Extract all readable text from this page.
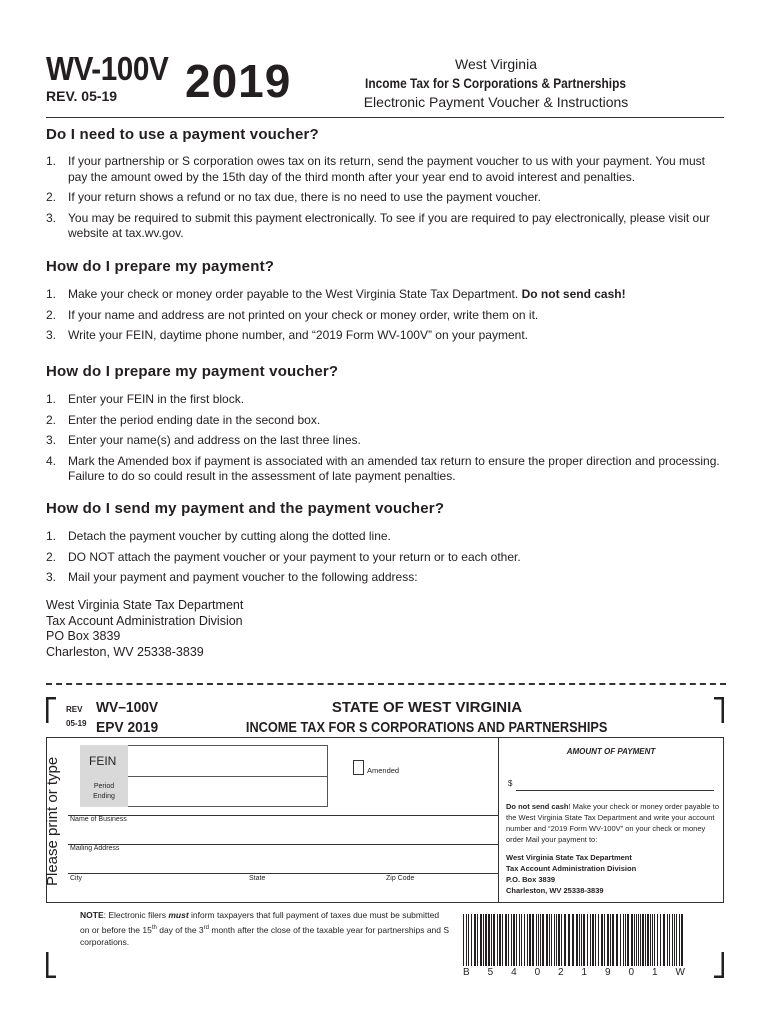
WV-100V
REV. 05-19 2019	West Virginia
Income Tax for S Corporations & Partnerships
Electronic Payment Voucher & Instructions
Do I need to use a payment voucher?
1. If your partnership or S corporation owes tax on its return, send the payment voucher to us with your payment. You must pay the amount owed by the 15th day of the third month after your year end to avoid interest and penalties.
2. If your return shows a refund or no tax due, there is no need to use the payment voucher.
3. You may be required to submit this payment electronically. To see if you are required to pay electronically, please visit our website at tax.wv.gov.
How do I prepare my payment?
1. Make your check or money order payable to the West Virginia State Tax Department. Do not send cash!
2. If your name and address are not printed on your check or money order, write them on it.
3. Write your FEIN, daytime phone number, and “2019 Form WV-100V” on your payment.
How do I prepare my payment voucher?
1. Enter your FEIN in the first block.
2. Enter the period ending date in the second box.
3. Enter your name(s) and address on the last three lines.
4. Mark the Amended box if payment is associated with an amended tax return to ensure the proper direction and processing. Failure to do so could result in the assessment of late payment penalties.
How do I send my payment and the payment voucher?
1. Detach the payment voucher by cutting along the dotted line.
2. DO NOT attach the payment voucher or your payment to your return or to each other.
3. Mail your payment and payment voucher to the following address:
West Virginia State Tax Department
Tax Account Administration Division
PO Box 3839
Charleston, WV 25338-3839
REV
05-19
WV–100V
EPV 2019
STATE OF WEST VIRGINIA
INCOME TAX FOR S CORPORATIONS AND PARTNERSHIPS
Please print or type FEIN
Period
Ending
Amended
Name of Business
Mailing Address
City	State	Zip Code
AMOUNT OF PAYMENT
$
Do not send cash! Make your check or money order payable to the West Virginia State Tax Department and write your account number and “2019 Form WV-100V” on your check or money order Mail your payment to:
West Virginia State Tax Department
Tax Account Administration Division
P.O. Box 3839
Charleston, WV 25338-3839
NOTE: Electronic filers must inform taxpayers that full payment of taxes due must be submitted on or before the 15th day of the 3rd month after the close of the taxable year for partnerships and S corporations.
B 5 4 0 2 1 9 0 1 W
